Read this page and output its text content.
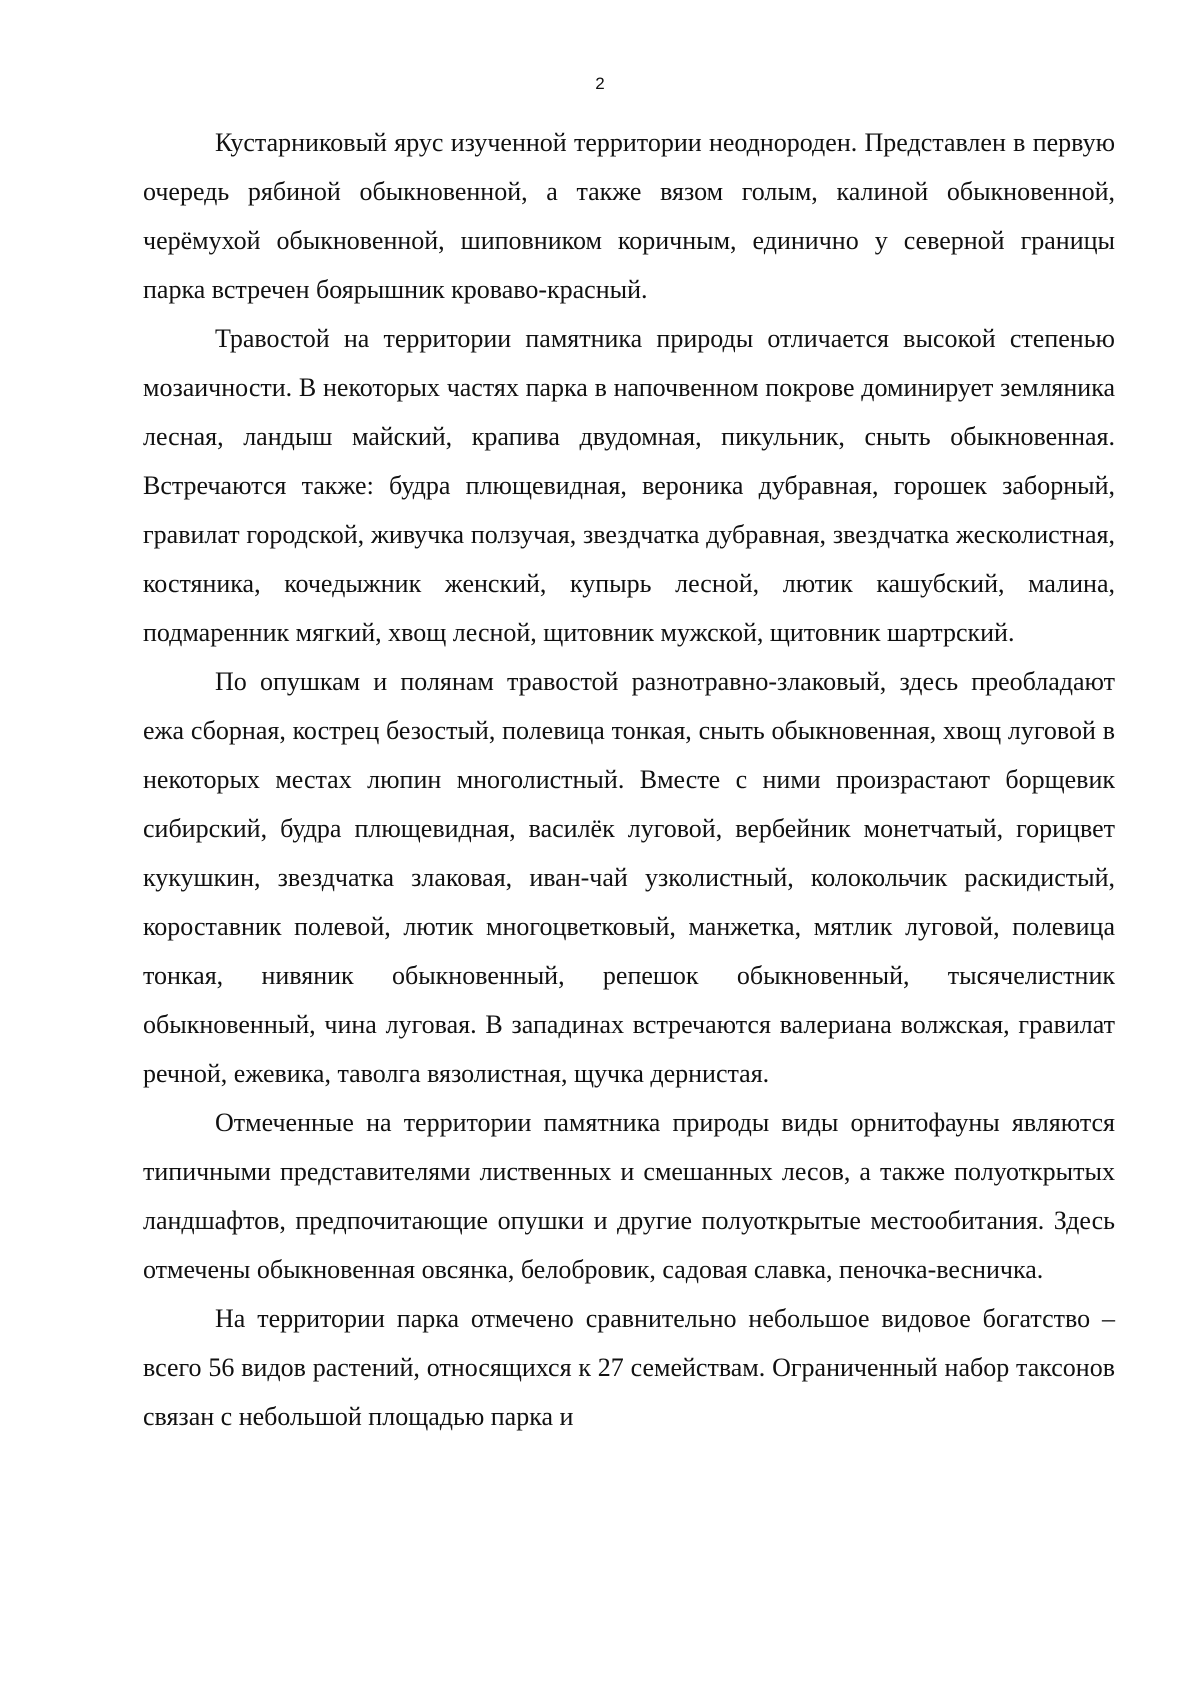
2

Кустарниковый ярус изученной территории неоднороден. Представлен в первую очередь рябиной обыкновенной, а также вязом голым, калиной обыкновенной, черёмухой обыкновенной, шиповником коричным, единично у северной границы парка встречен боярышник кроваво-красный.

Травостой на территории памятника природы отличается высокой степенью мозаичности. В некоторых частях парка в напочвенном покрове доминирует земляника лесная, ландыш майский, крапива двудомная, пикульник, сныть обыкновенная. Встречаются также: будра плющевидная, вероника дубравная, горошек заборный, гравилат городской, живучка ползучая, звездчатка дубравная, звездчатка жесколистная, костяника, кочедыжник женский, купырь лесной, лютик кашубский, малина, подмаренник мягкий, хвощ лесной, щитовник мужской, щитовник шартрский.

По опушкам и полянам травостой разнотравно-злаковый, здесь преобладают ежа сборная, кострец безостый, полевица тонкая, сныть обыкновенная, хвощ луговой в некоторых местах люпин многолистный. Вместе с ними произрастают борщевик сибирский, будра плющевидная, василёк луговой, вербейник монетчатый, горицвет кукушкин, звездчатка злаковая, иван-чай узколистный, колокольчик раскидистый, короставник полевой, лютик многоцветковый, манжетка, мятлик луговой, полевица тонкая, нивяник обыкновенный, репешок обыкновенный, тысячелистник обыкновенный, чина луговая. В западинах встречаются валериана волжская, гравилат речной, ежевика, таволга вязолистная, щучка дернистая.

Отмеченные на территории памятника природы виды орнитофауны являются типичными представителями лиственных и смешанных лесов, а также полуоткрытых ландшафтов, предпочитающие опушки и другие полуоткрытые местообитания. Здесь отмечены обыкновенная овсянка, белобровик, садовая славка, пеночка-весничка.

На территории парка отмечено сравнительно небольшое видовое богатство – всего 56 видов растений, относящихся к 27 семействам. Ограниченный набор таксонов связан с небольшой площадью парка и
